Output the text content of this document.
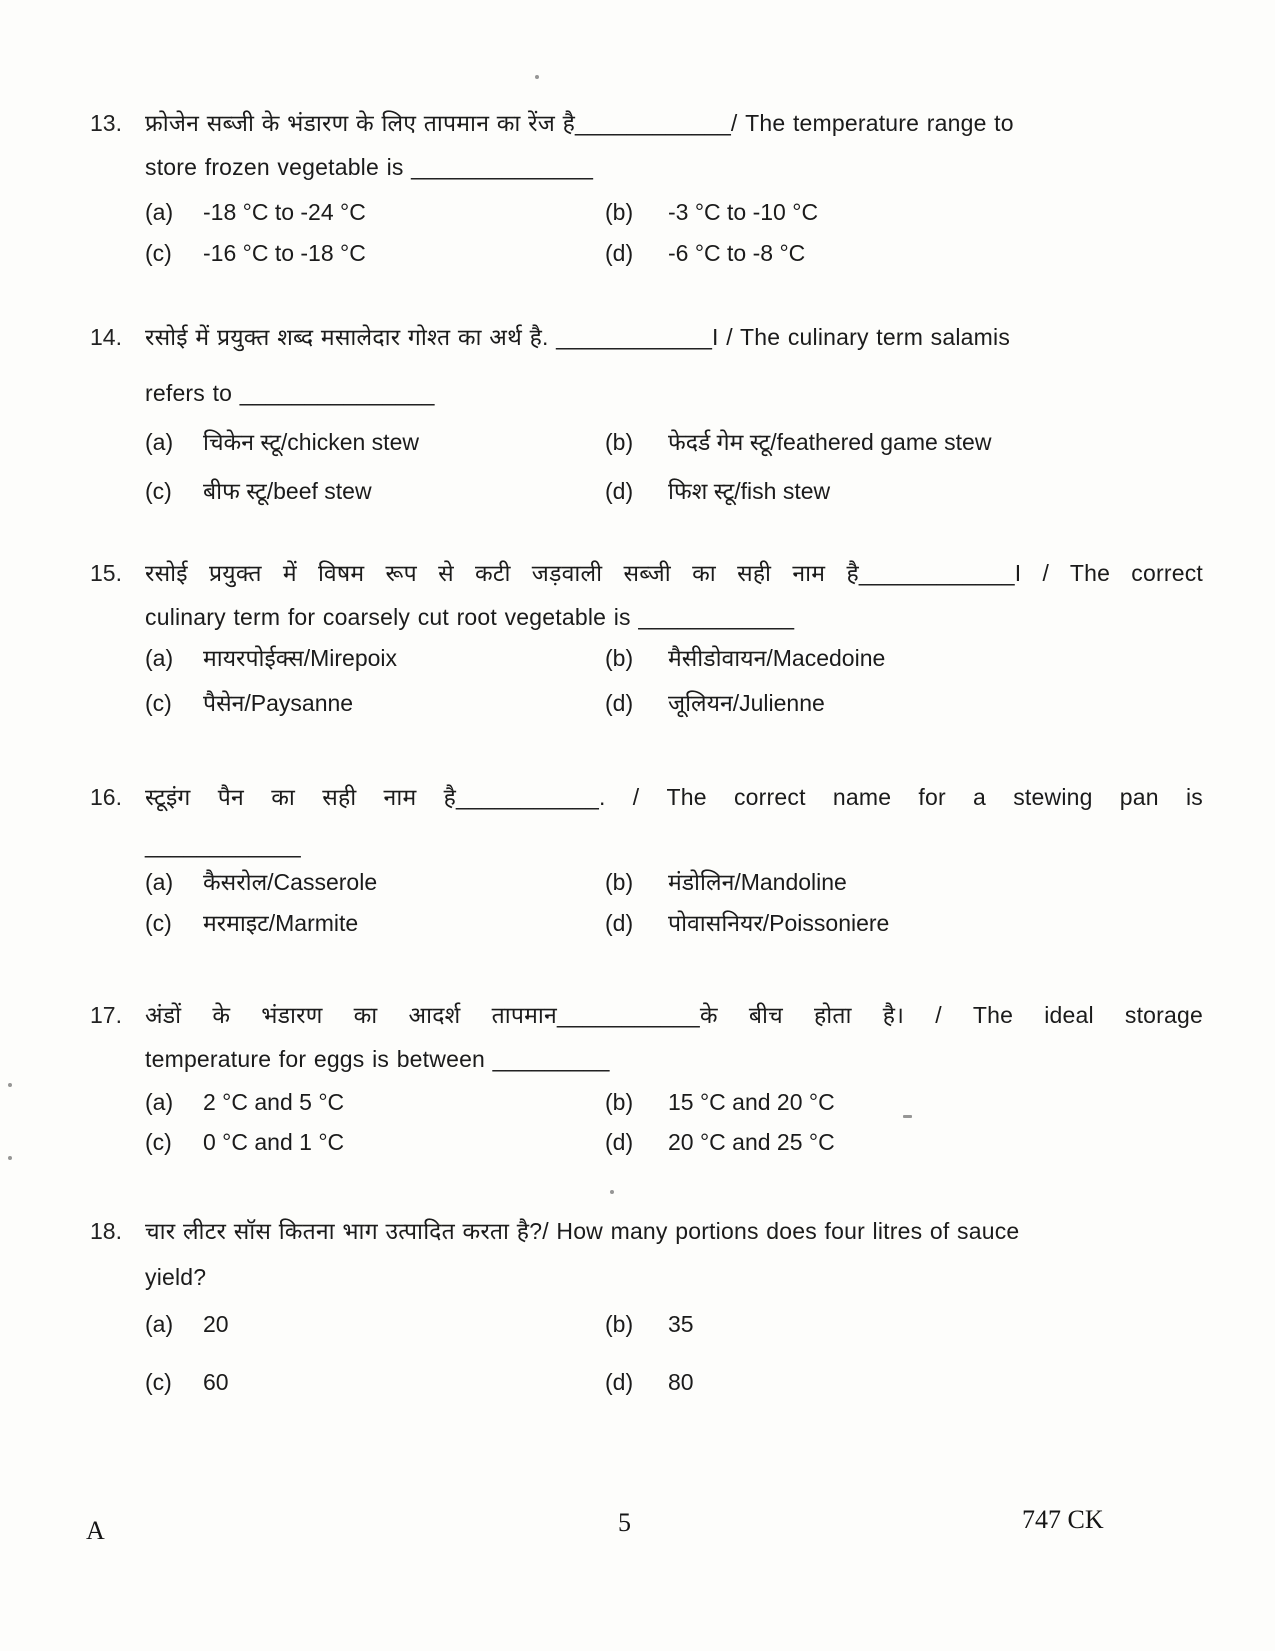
13.	फ्रोजेन सब्जी के भंडारण के लिए तापमान का रेंज है____________/ The temperature range to
store frozen vegetable is ______________
(a)	-18 °C to -24 °C	(b)	-3 °C to -10 °C
(c)	-16 °C to -18 °C	(d)	-6 °C to -8 °C
14.	रसोई में प्रयुक्त शब्द मसालेदार गोश्त का अर्थ है. ____________I / The culinary term salamis
refers to _______________
(a)	चिकेन स्टू/chicken stew	(b)	फेदर्ड गेम स्टू/feathered game stew
(c)	बीफ स्टू/beef stew	(d)	फिश स्टू/fish stew
15.	रसोई प्रयुक्त में विषम रूप से कटी जड़वाली सब्जी का सही नाम है____________I / The correct
culinary term for coarsely cut root vegetable is ____________
(a)	मायरपोईक्स/Mirepoix	(b)	मैसीडोवायन/Macedoine
(c)	पैसेन/Paysanne	(d)	जूलियन/Julienne
16.	स्टूइंग पैन का सही नाम है___________. / The correct name for a stewing pan is
____________
(a)	कैसरोल/Casserole	(b)	मंडोलिन/Mandoline
(c)	मरमाइट/Marmite	(d)	पोवासनियर/Poissoniere
17.	अंडों के भंडारण का आदर्श तापमान___________के बीच होता है। / The ideal storage
temperature for eggs is between _________
(a)	2 °C and 5 °C	(b)	15 °C and 20 °C
(c)	0 °C and 1 °C	(d)	20 °C and 25 °C
18.	चार लीटर सॉस कितना भाग उत्पादित करता है?/ How many portions does four litres of sauce
yield?
(a)	20	(b)	35
(c)	60	(d)	80
A	5	747 CK
